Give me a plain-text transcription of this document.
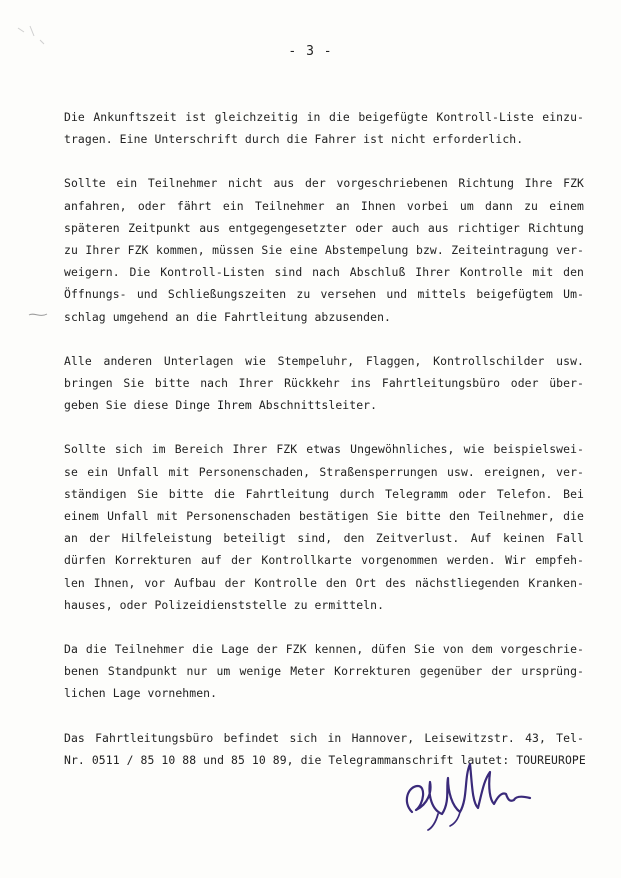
- 3 -

Die Ankunftszeit ist gleichzeitig in die beigefügte Kontroll-Liste einzu-
tragen. Eine Unterschrift durch die Fahrer ist nicht erforderlich.

Sollte ein Teilnehmer nicht aus der vorgeschriebenen Richtung Ihre FZK
anfahren, oder fährt ein Teilnehmer an Ihnen vorbei um dann zu einem
späteren Zeitpunkt aus entgegengesetzter oder auch aus richtiger Richtung
zu Ihrer FZK kommen, müssen Sie eine Abstempelung bzw. Zeiteintragung ver-
weigern. Die Kontroll-Listen sind nach Abschluß Ihrer Kontrolle mit den
Öffnungs- und Schließungszeiten zu versehen und mittels beigefügtem Um-
schlag umgehend an die Fahrtleitung abzusenden.

Alle anderen Unterlagen wie Stempeluhr, Flaggen, Kontrollschilder usw.
bringen Sie bitte nach Ihrer Rückkehr ins Fahrtleitungsbüro oder über-
geben Sie diese Dinge Ihrem Abschnittsleiter.

Sollte sich im Bereich Ihrer FZK etwas Ungewöhnliches, wie beispielswei-
se ein Unfall mit Personenschaden, Straßensperrungen usw. ereignen, ver-
ständigen Sie bitte die Fahrtleitung durch Telegramm oder Telefon. Bei
einem Unfall mit Personenschaden bestätigen Sie bitte den Teilnehmer, die
an der Hilfeleistung beteiligt sind, den Zeitverlust. Auf keinen Fall
dürfen Korrekturen auf der Kontrollkarte vorgenommen werden. Wir empfeh-
len Ihnen, vor Aufbau der Kontrolle den Ort des nächstliegenden Kranken-
hauses, oder Polizeidienststelle zu ermitteln.

Da die Teilnehmer die Lage der FZK kennen, düfen Sie von dem vorgeschrie-
benen Standpunkt nur um wenige Meter Korrekturen gegenüber der ursprüng-
lichen Lage vornehmen.

Das Fahrtleitungsbüro befindet sich in Hannover, Leisewitzstr. 43, Tel-
Nr. 0511 / 85 10 88 und 85 10 89, die Telegrammanschrift lautet: TOUREUROPE
